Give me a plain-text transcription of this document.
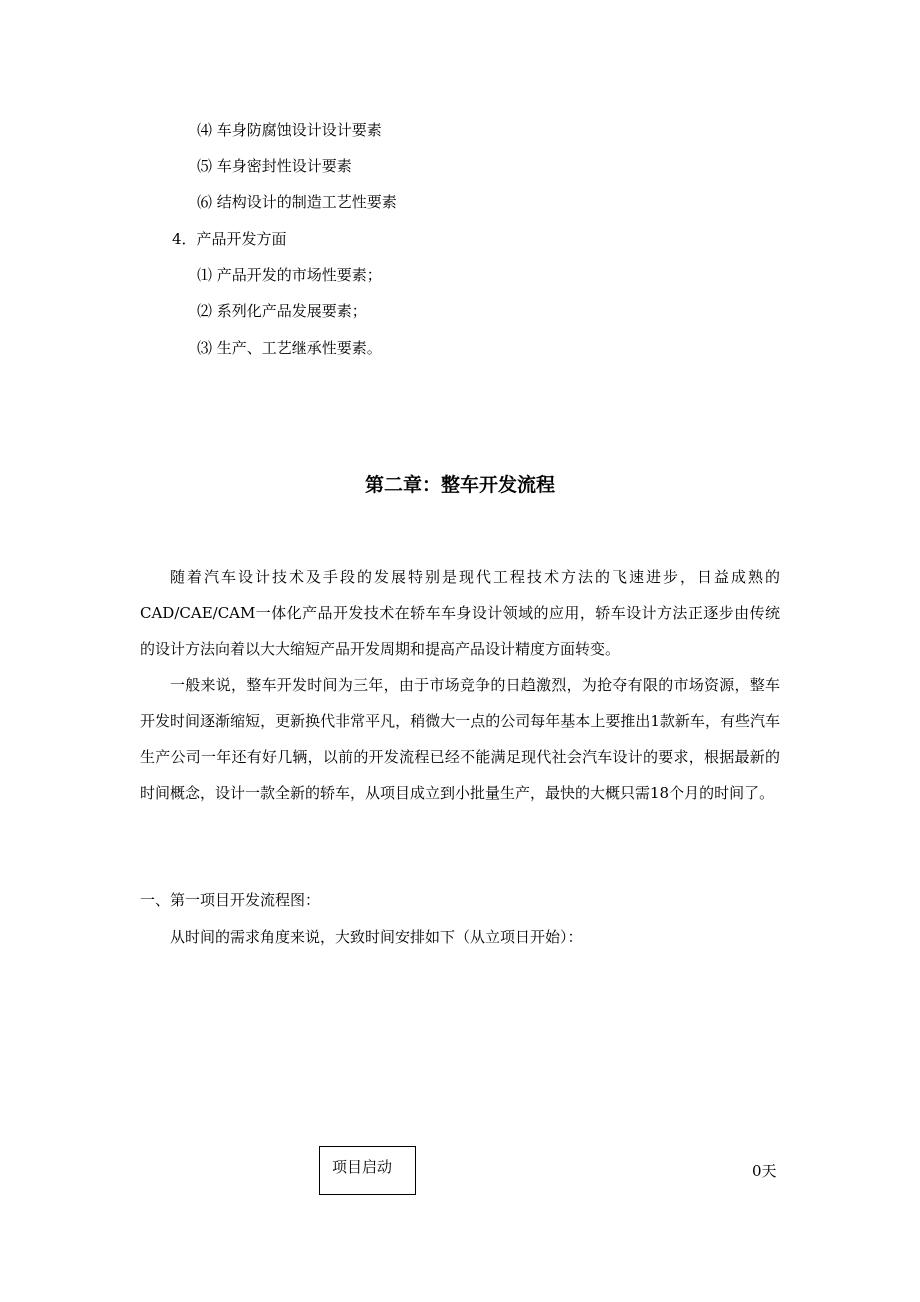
⑷ 车身防腐蚀设计设计要素
⑸ 车身密封性设计要素
⑹ 结构设计的制造工艺性要素
4．产品开发方面
⑴ 产品开发的市场性要素；
⑵ 系列化产品发展要素；
⑶ 生产、工艺继承性要素。
第二章：整车开发流程

随着汽车设计技术及手段的发展特别是现代工程技术方法的飞速进步，日益成熟的CAD/CAE/CAM一体化产品开发技术在轿车车身设计领域的应用，轿车设计方法正逐步由传统的设计方法向着以大大缩短产品开发周期和提高产品设计精度方面转变。

一般来说，整车开发时间为三年，由于市场竞争的日趋激烈，为抢夺有限的市场资源，整车开发时间逐渐缩短，更新换代非常平凡，稍微大一点的公司每年基本上要推出1款新车，有些汽车生产公司一年还有好几辆，以前的开发流程已经不能满足现代社会汽车设计的要求，根据最新的时间概念，设计一款全新的轿车，从项目成立到小批量生产，最快的大概只需18个月的时间了。

一、第一项目开发流程图：
从时间的需求角度来说，大致时间安排如下（从立项日开始）：
项目启动	0天
